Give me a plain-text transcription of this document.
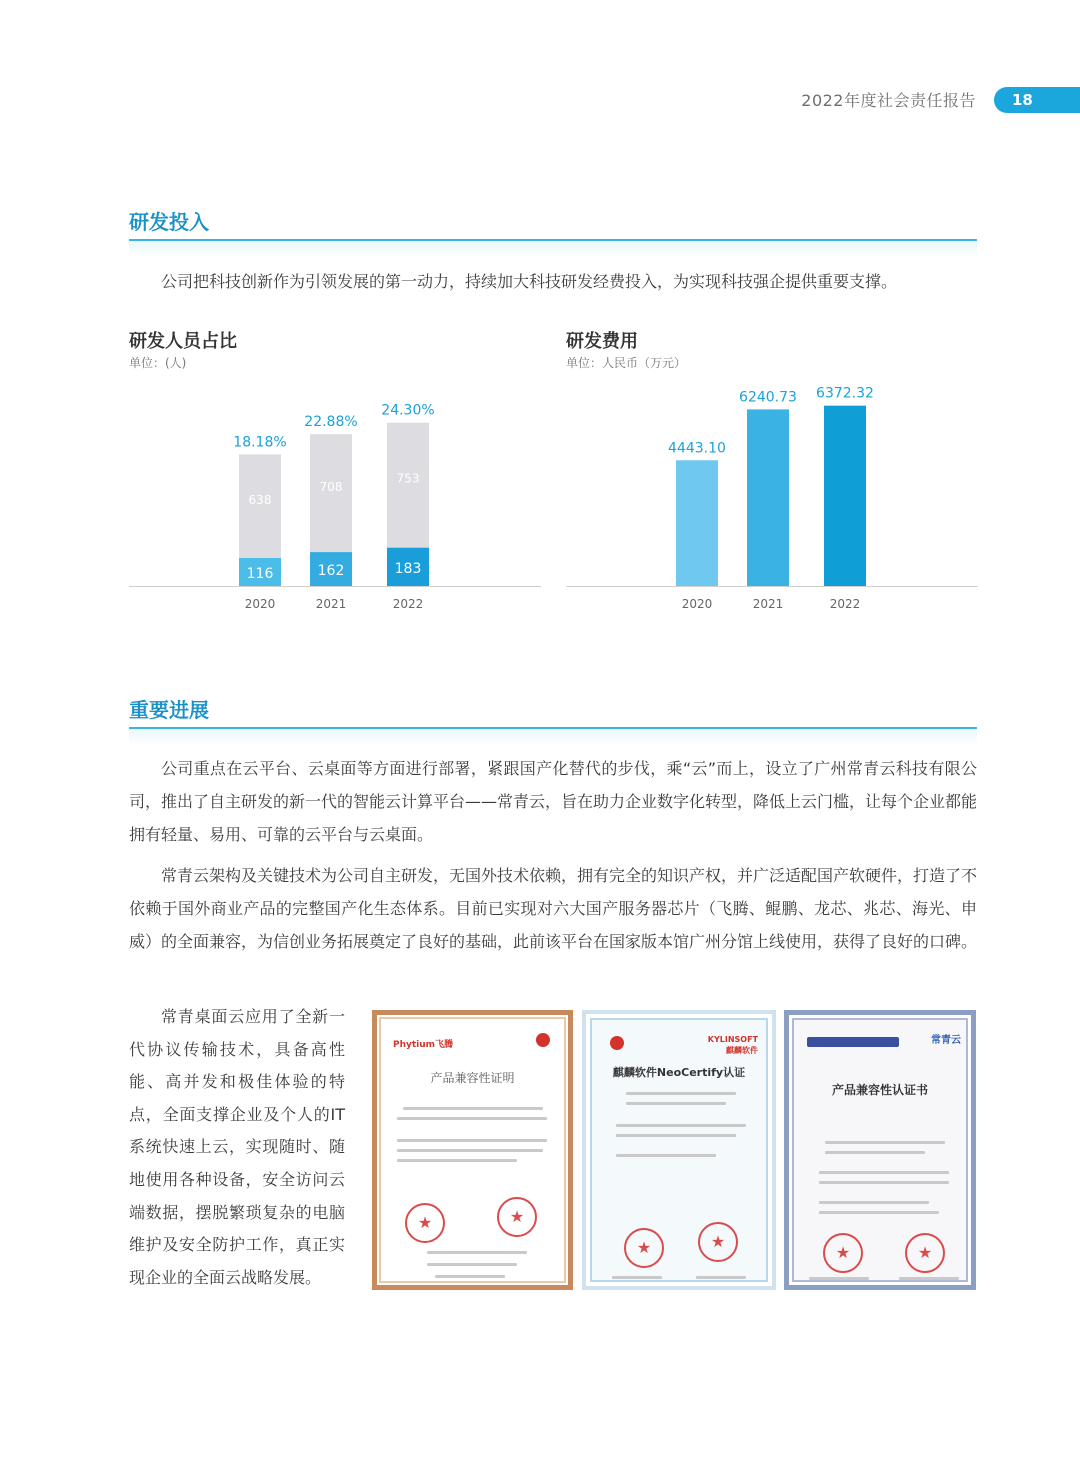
2022年度社会责任报告	18
研发投入

公司把科技创新作为引领发展的第一动力，持续加大科技研发经费投入，为实现科技强企提供重要支撑。

研发人员占比
单位：(人)
638
116
18.18%
2020
708
162
22.88%
2021
753
183
24.30%
2022
研发费用
单位：人民币（万元）
4443.10
2020
6240.73
2021
6372.32
2022
重要进展

公司重点在云平台、云桌面等方面进行部署，紧跟国产化替代的步伐，乘“云”而上，设立了广州常青云科技有限公司，推出了自主研发的新一代的智能云计算平台——常青云，旨在助力企业数字化转型，降低上云门槛，让每个企业都能拥有轻量、易用、可靠的云平台与云桌面。

常青云架构及关键技术为公司自主研发，无国外技术依赖，拥有完全的知识产权，并广泛适配国产软硬件，打造了不依赖于国外商业产品的完整国产化生态体系。目前已实现对六大国产服务器芯片（飞腾、鲲鹏、龙芯、兆芯、海光、申威）的全面兼容，为信创业务拓展奠定了良好的基础，此前该平台在国家版本馆广州分馆上线使用，获得了良好的口碑。

常青桌面云应用了全新一代协议传输技术，具备高性能、高并发和极佳体验的特点，全面支撑企业及个人的IT系统快速上云，实现随时、随地使用各种设备，安全访问云端数据，摆脱繁琐复杂的电脑维护及安全防护工作，真正实现企业的全面云战略发展。

Phytium飞腾
产品兼容性证明
★	★
KYLINSOFT 麒麟软件
麒麟软件NeoCertify认证
★	★
常青云
产品兼容性认证书
★	★
